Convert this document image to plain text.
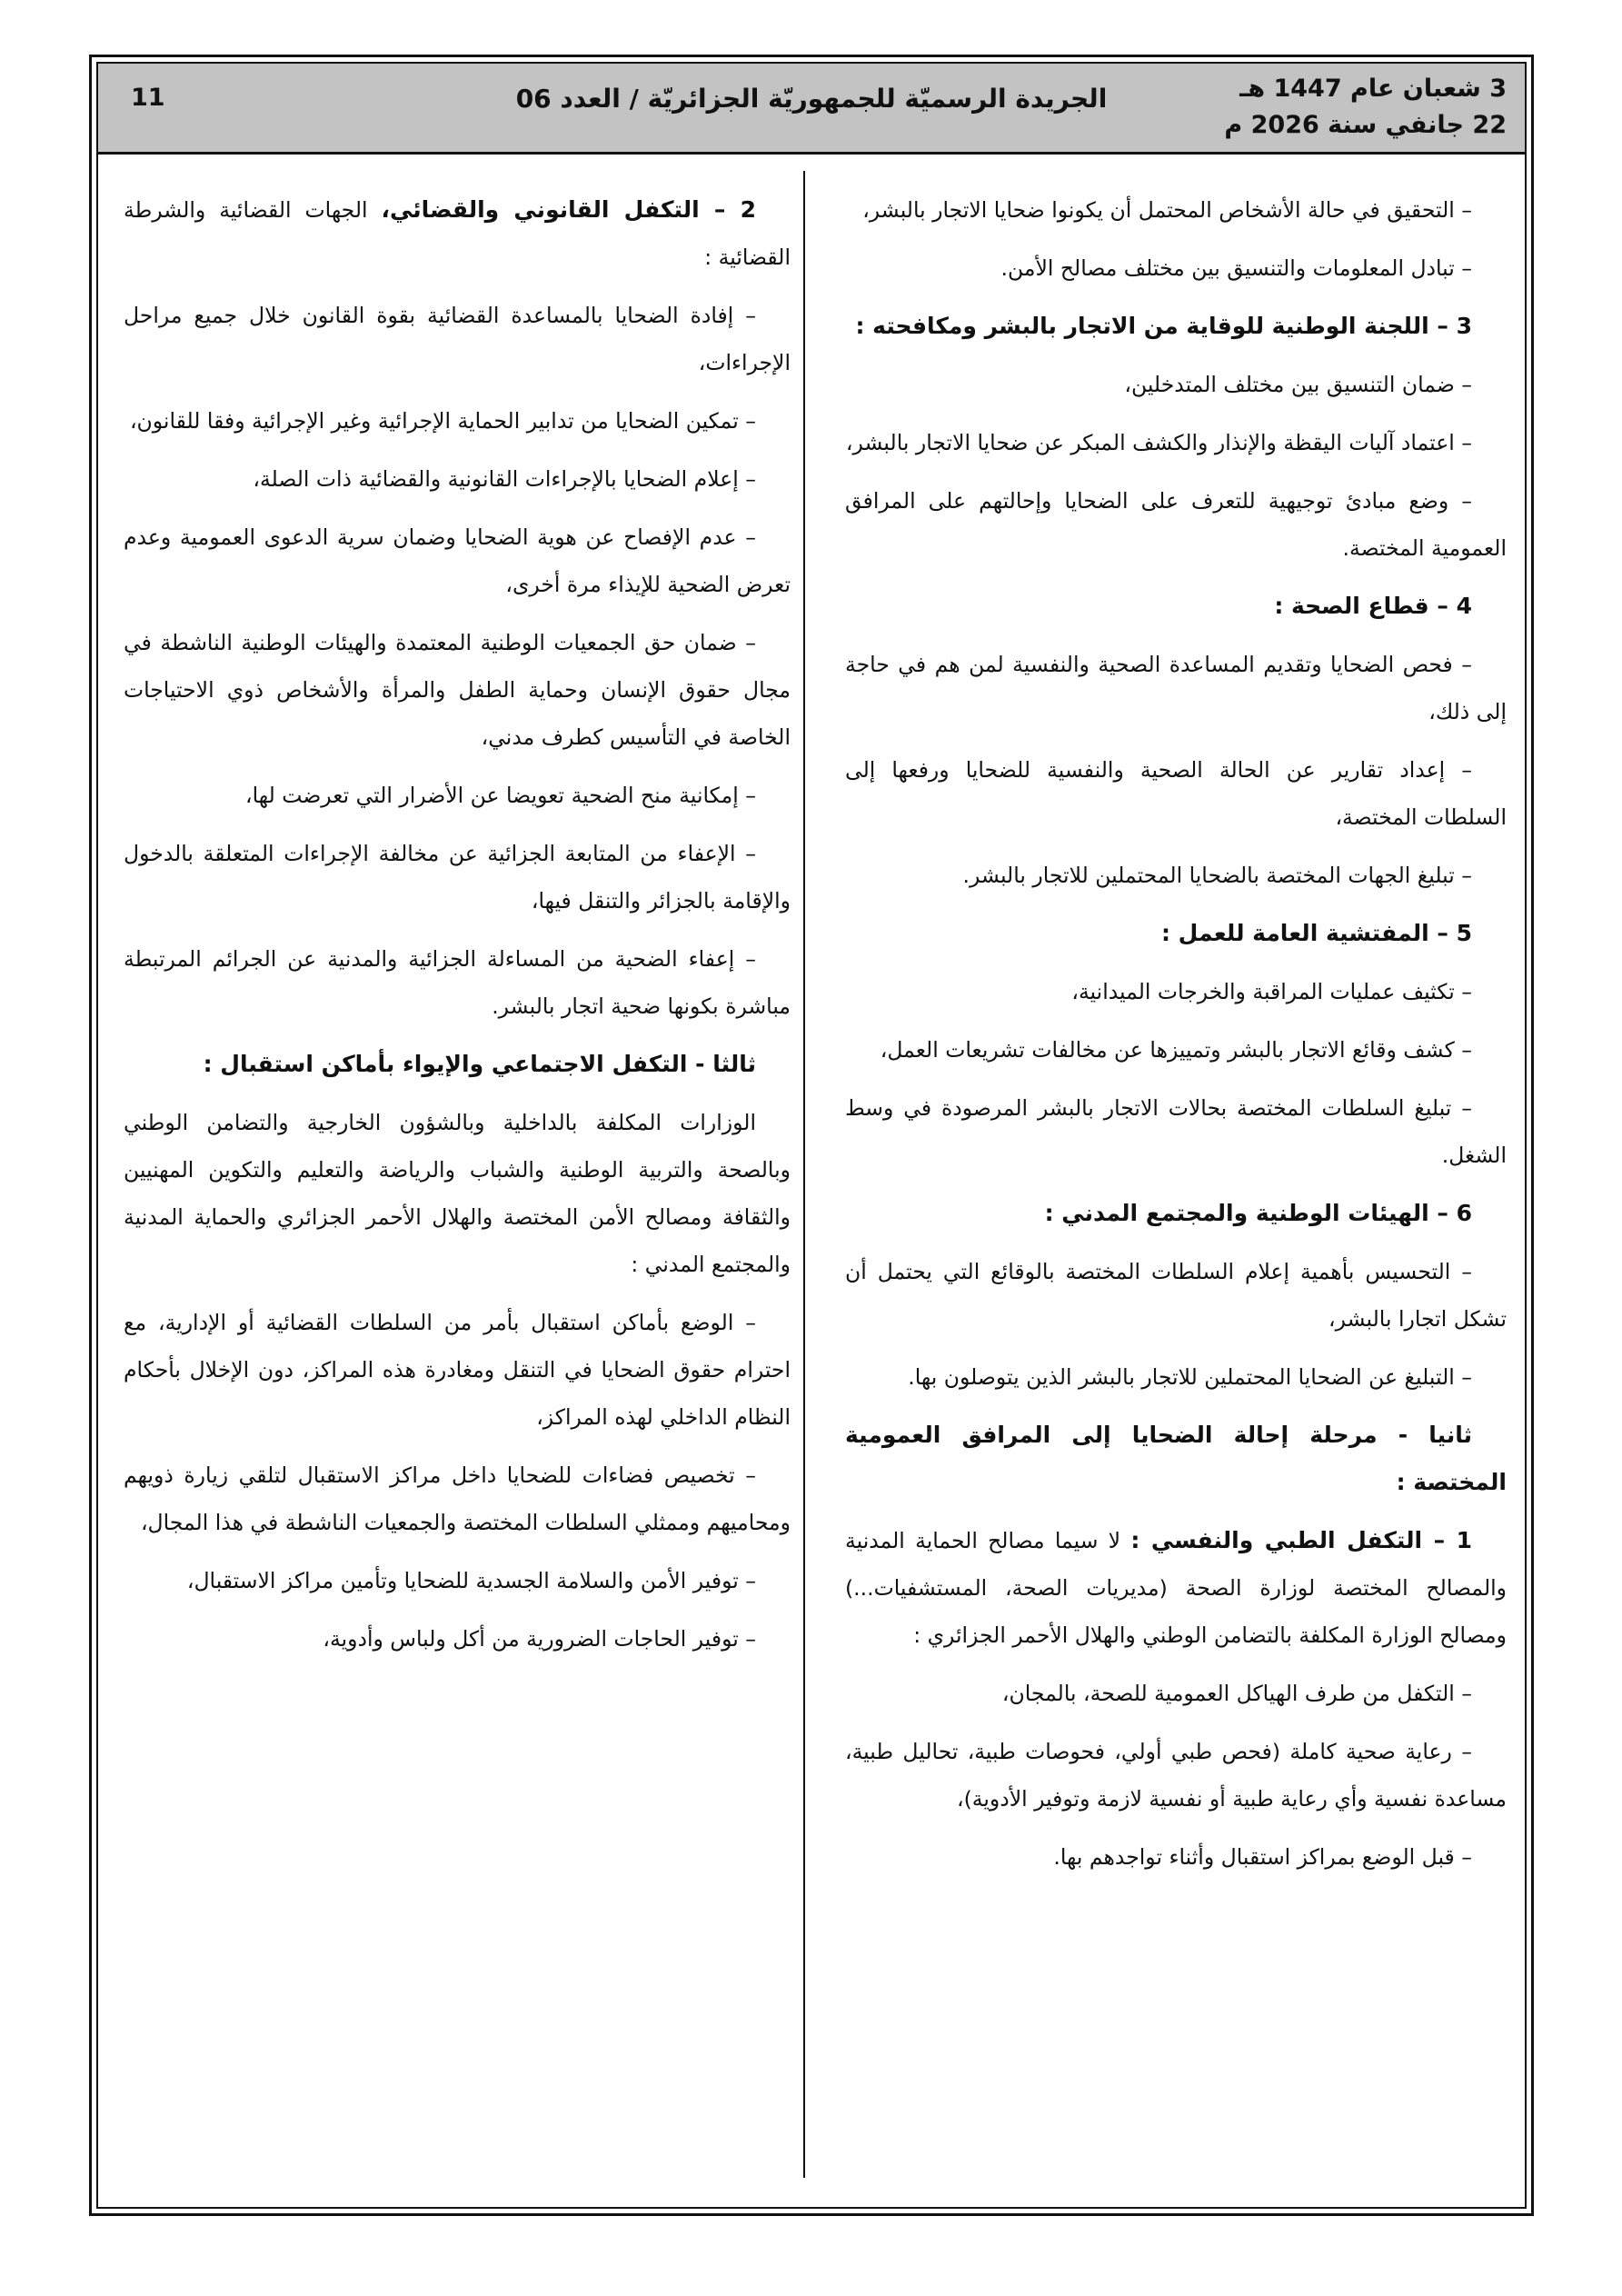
3 شعبان عام 1447 هـ
22 جانفي سنة 2026 م
الجريدة الرسميّة للجمهوريّة الجزائريّة / العدد 06
11

– التحقيق في حالة الأشخاص المحتمل أن يكونوا ضحايا الاتجار بالبشر،

– تبادل المعلومات والتنسيق بين مختلف مصالح الأمن.

3 – اللجنة الوطنية للوقاية من الاتجار بالبشر ومكافحته :

– ضمان التنسيق بين مختلف المتدخلين،

– اعتماد آليات اليقظة والإنذار والكشف المبكر عن ضحايا الاتجار بالبشر،

– وضع مبادئ توجيهية للتعرف على الضحايا وإحالتهم على المرافق العمومية المختصة.

4 – قطاع الصحة :

– فحص الضحايا وتقديم المساعدة الصحية والنفسية لمن هم في حاجة إلى ذلك،

– إعداد تقارير عن الحالة الصحية والنفسية للضحايا ورفعها إلى السلطات المختصة،

– تبليغ الجهات المختصة بالضحايا المحتملين للاتجار بالبشر.

5 – المفتشية العامة للعمل :

– تكثيف عمليات المراقبة والخرجات الميدانية،

– كشف وقائع الاتجار بالبشر وتمييزها عن مخالفات تشريعات العمل،

– تبليغ السلطات المختصة بحالات الاتجار بالبشر المرصودة في وسط الشغل.

6 – الهيئات الوطنية والمجتمع المدني :

– التحسيس بأهمية إعلام السلطات المختصة بالوقائع التي يحتمل أن تشكل اتجارا بالبشر،

– التبليغ عن الضحايا المحتملين للاتجار بالبشر الذين يتوصلون بها.

ثانيا - مرحلة إحالة الضحايا إلى المرافق العمومية المختصة :

1 – التكفل الطبي والنفسي : لا سيما مصالح الحماية المدنية والمصالح المختصة لوزارة الصحة (مديريات الصحة، المستشفيات...) ومصالح الوزارة المكلفة بالتضامن الوطني والهلال الأحمر الجزائري :

– التكفل من طرف الهياكل العمومية للصحة، بالمجان،

– رعاية صحية كاملة (فحص طبي أولي، فحوصات طبية، تحاليل طبية، مساعدة نفسية وأي رعاية طبية أو نفسية لازمة وتوفير الأدوية)،

– قبل الوضع بمراكز استقبال وأثناء تواجدهم بها.

2 – التكفل القانوني والقضائي، الجهات القضائية والشرطة القضائية :

– إفادة الضحايا بالمساعدة القضائية بقوة القانون خلال جميع مراحل الإجراءات،

– تمكين الضحايا من تدابير الحماية الإجرائية وغير الإجرائية وفقا للقانون،

– إعلام الضحايا بالإجراءات القانونية والقضائية ذات الصلة،

– عدم الإفصاح عن هوية الضحايا وضمان سرية الدعوى العمومية وعدم تعرض الضحية للإيذاء مرة أخرى،

– ضمان حق الجمعيات الوطنية المعتمدة والهيئات الوطنية الناشطة في مجال حقوق الإنسان وحماية الطفل والمرأة والأشخاص ذوي الاحتياجات الخاصة في التأسيس كطرف مدني،

– إمكانية منح الضحية تعويضا عن الأضرار التي تعرضت لها،

– الإعفاء من المتابعة الجزائية عن مخالفة الإجراءات المتعلقة بالدخول والإقامة بالجزائر والتنقل فيها،

– إعفاء الضحية من المساءلة الجزائية والمدنية عن الجرائم المرتبطة مباشرة بكونها ضحية اتجار بالبشر.

ثالثا - التكفل الاجتماعي والإيواء بأماكن استقبال :

الوزارات المكلفة بالداخلية وبالشؤون الخارجية والتضامن الوطني وبالصحة والتربية الوطنية والشباب والرياضة والتعليم والتكوين المهنيين والثقافة ومصالح الأمن المختصة والهلال الأحمر الجزائري والحماية المدنية والمجتمع المدني :

– الوضع بأماكن استقبال بأمر من السلطات القضائية أو الإدارية، مع احترام حقوق الضحايا في التنقل ومغادرة هذه المراكز، دون الإخلال بأحكام النظام الداخلي لهذه المراكز،

– تخصيص فضاءات للضحايا داخل مراكز الاستقبال لتلقي زيارة ذويهم ومحاميهم وممثلي السلطات المختصة والجمعيات الناشطة في هذا المجال،

– توفير الأمن والسلامة الجسدية للضحايا وتأمين مراكز الاستقبال،

– توفير الحاجات الضرورية من أكل ولباس وأدوية،
